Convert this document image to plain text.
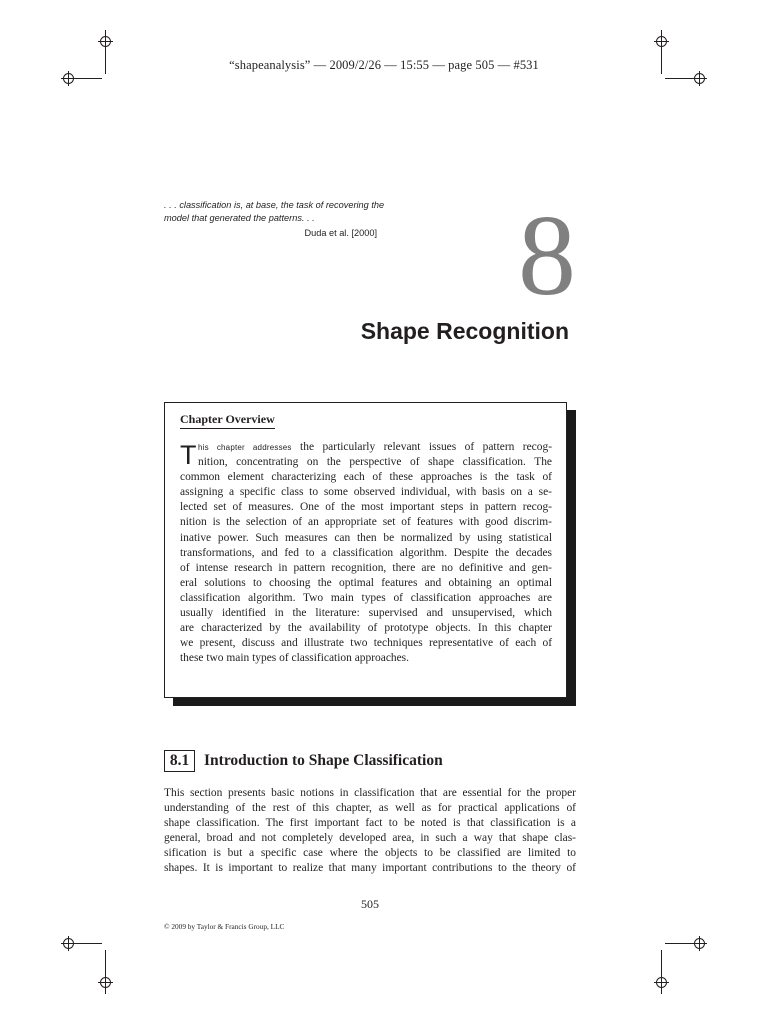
“shapeanalysis” — 2009/2/26 — 15:55 — page 505 — #531
. . . classification is, at base, the task of recovering the
model that generated the patterns. . .
Duda et al. [2000]	8
Shape Recognition
Chapter Overview
T his chapter addresses the particularly relevant issues of pattern recog-
nition, concentrating on the perspective of shape classification. The
common element characterizing each of these approaches is the task of
assigning a specific class to some observed individual, with basis on a se-
lected set of measures. One of the most important steps in pattern recog-
nition is the selection of an appropriate set of features with good discrim-
inative power. Such measures can then be normalized by using statistical
transformations, and fed to a classification algorithm. Despite the decades
of intense research in pattern recognition, there are no definitive and gen-
eral solutions to choosing the optimal features and obtaining an optimal
classification algorithm. Two main types of classification approaches are
usually identified in the literature: supervised and unsupervised, which
are characterized by the availability of prototype objects. In this chapter
we present, discuss and illustrate two techniques representative of each of
these two main types of classification approaches.
8.1 Introduction to Shape Classification
This section presents basic notions in classification that are essential for the proper
understanding of the rest of this chapter, as well as for practical applications of
shape classification. The first important fact to be noted is that classification is a
general, broad and not completely developed area, in such a way that shape clas-
sification is but a specific case where the objects to be classified are limited to
shapes. It is important to realize that many important contributions to the theory of
505
© 2009 by Taylor & Francis Group, LLC
